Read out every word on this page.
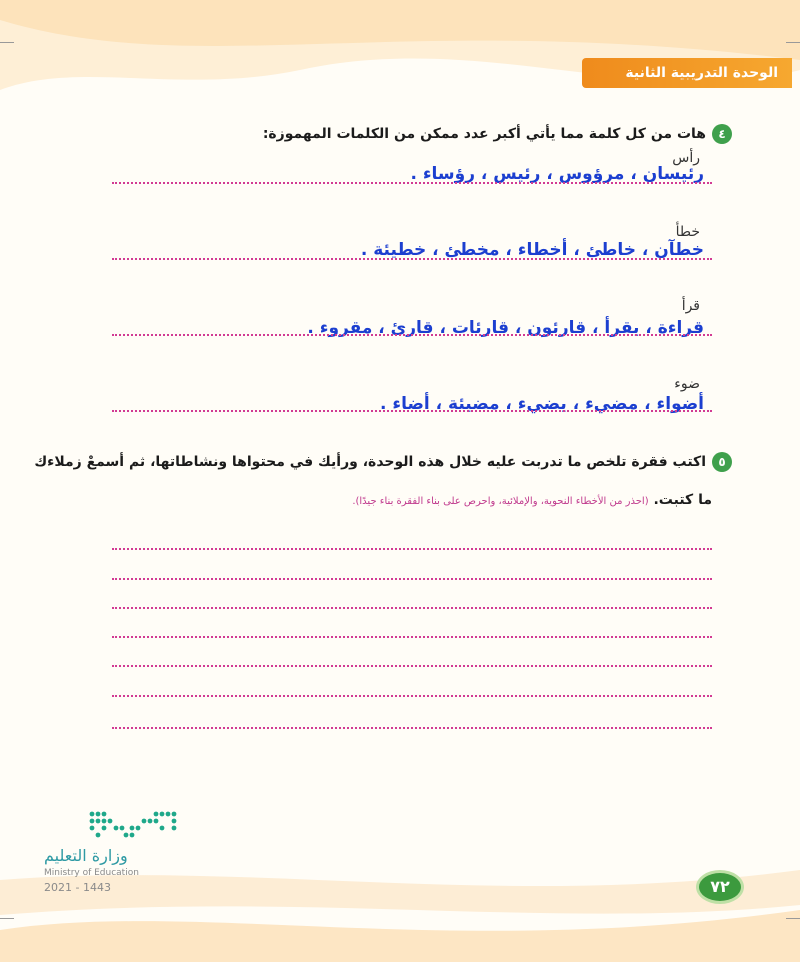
الوحدة التدريبية الثانية
٤هات من كل كلمة مما يأتي أكبر عدد ممكن من الكلمات المهموزة:
رأس
رئيسان ، مرؤوس ، رئيس ، رؤساء .
خطأ
خطآن ، خاطئ ، أخطاء ، مخطئ ، خطيئة .
قرأ
قراءة ، يقرأ ، قارئون ، قارئات ، قارئ ، مقروء .
ضوء
أضواء ، مضيء ، يضيء ، مضيئة ، أضاء .
٥اكتب فقرة تلخص ما تدربت عليه خلال هذه الوحدة، ورأيك في محتواها ونشاطاتها، ثم أسمعْ زملاءك
ما كتبت. (احذر من الأخطاء النحوية، والإملائية، واحرص على بناء الفقرة بناء جيدًا).
وزارة التعليم
Ministry of Education
2021 - 1443	٧٢
